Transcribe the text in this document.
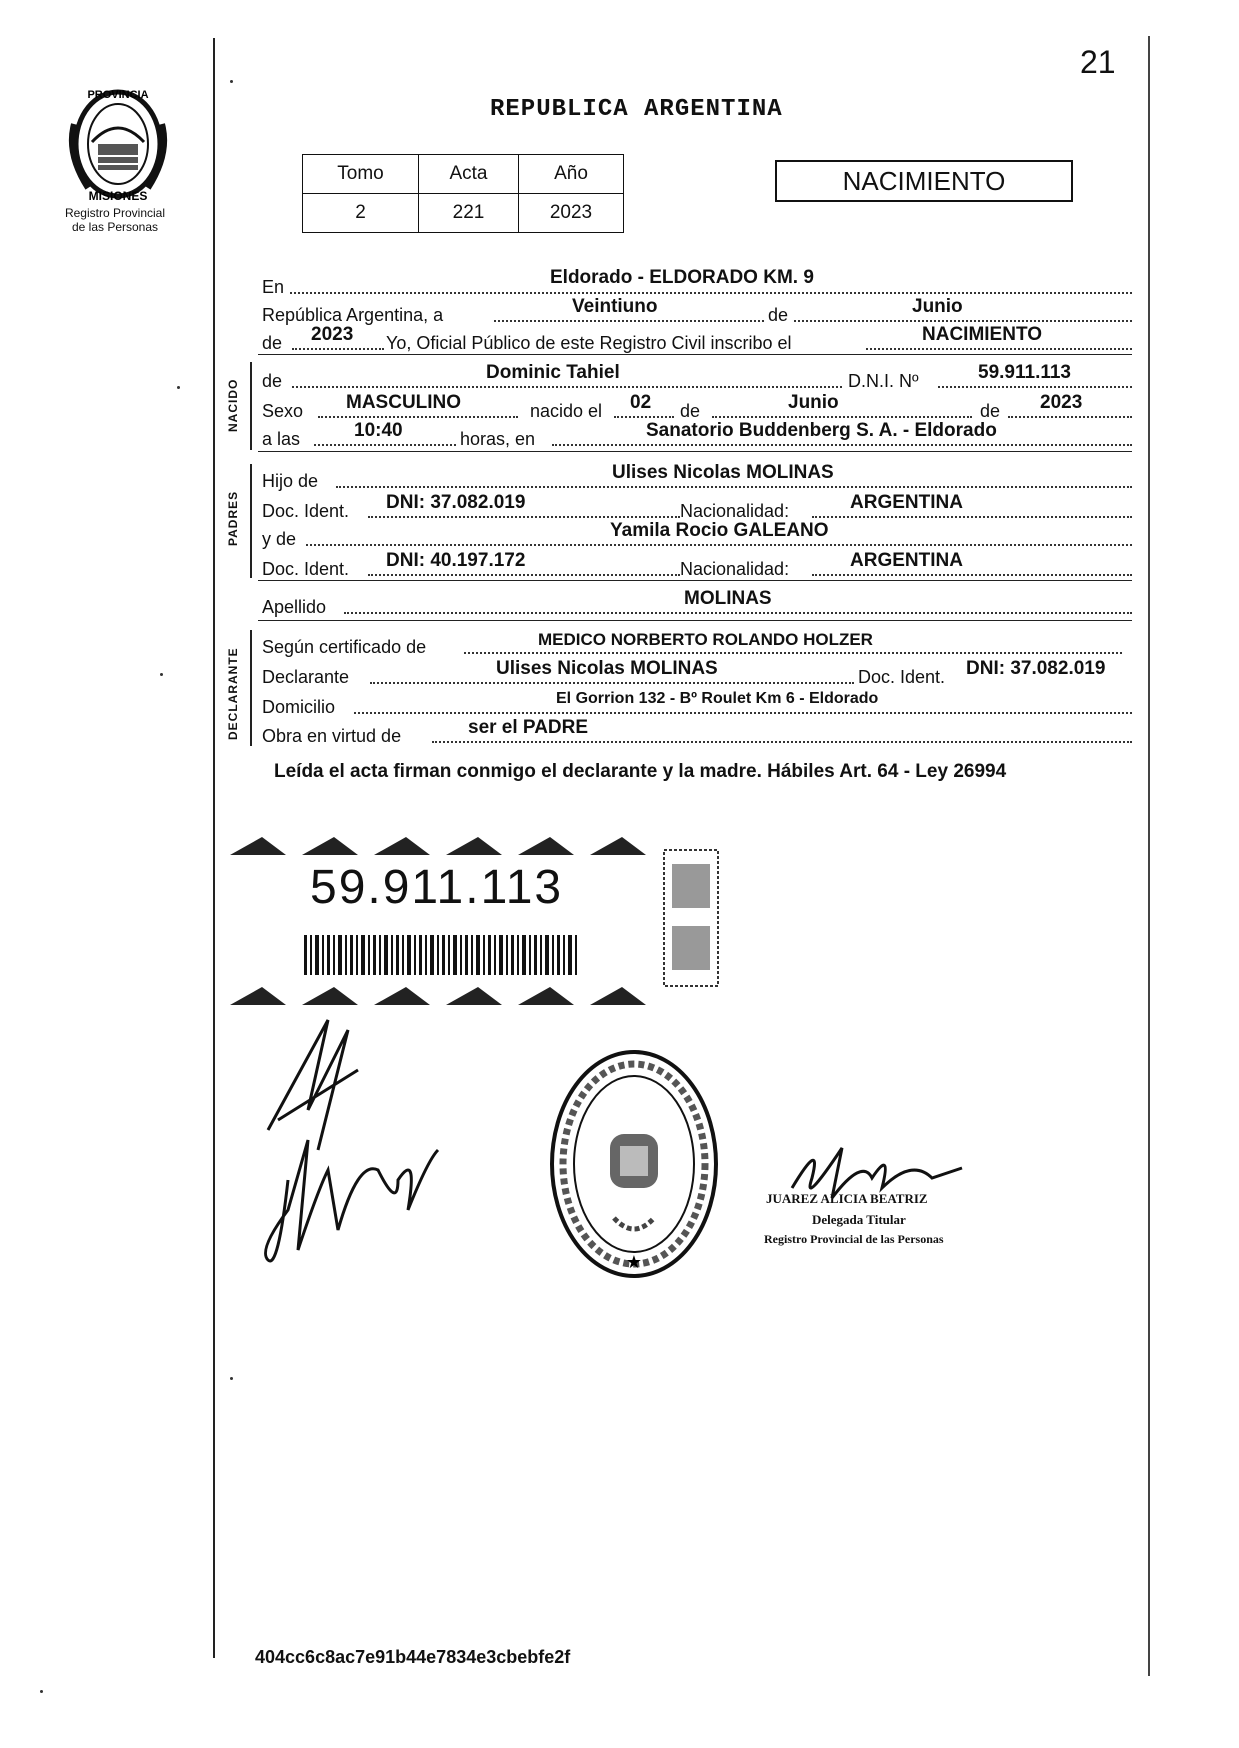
21
REPUBLICA ARGENTINA
PROVINCIA
MISIONES
Registro Provincial
de las Personas
Tomo	Acta	Año
2	221	2023
NACIMIENTO
En	Eldorado - ELDORADO KM. 9
República Argentina, a	Veintiuno	de	Junio
de 2023 Yo, Oficial Público de este Registro Civil inscribo el	NACIMIENTO
NACIDO de	Dominic Tahiel	D.N.I. Nº	59.911.113
Sexo MASCULINO	nacido el 02 de	Junio	de 2023
a las	10:40	horas, en	Sanatorio Buddenberg S. A. - Eldorado
PADRES
Hijo de	Ulises Nicolas MOLINAS
Doc. Ident. DNI: 37.082.019	Nacionalidad:	ARGENTINA
y de	Yamila Rocio GALEANO
Doc. Ident. DNI: 40.197.172	Nacionalidad:	ARGENTINA
Apellido	MOLINAS
DECLARANTE
Según certificado de	MEDICO NORBERTO ROLANDO HOLZER
Declarante	Ulises Nicolas MOLINAS	Doc. Ident. DNI: 37.082.019
Domicilio	El Gorrion 132 - Bº Roulet Km 6 - Eldorado
Obra en virtud de	ser el PADRE
Leída el acta firman conmigo el declarante y la madre. Hábiles Art. 64 - Ley 26994
59.911.113
★
JUAREZ ALICIA BEATRIZ
Delegada Titular
Registro Provincial de las Personas
404cc6c8ac7e91b44e7834e3cbebfe2f
